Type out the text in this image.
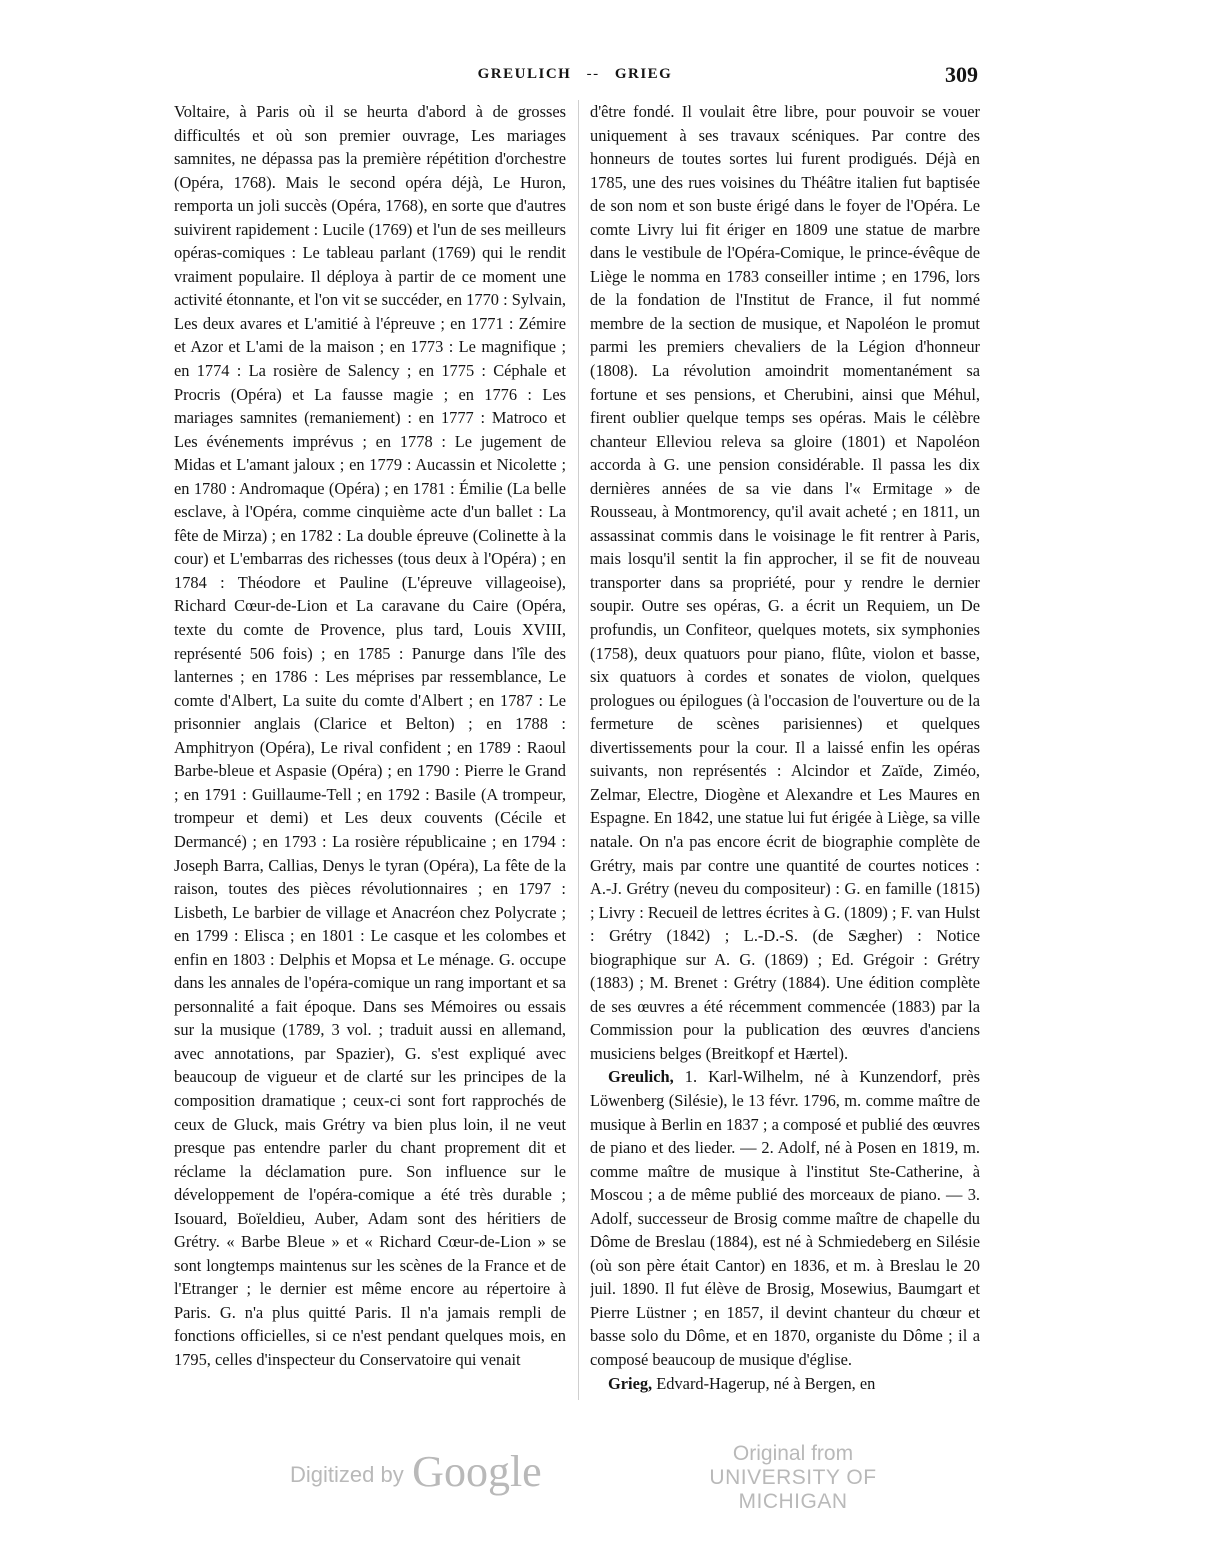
GREULICH -- GRIEG	309

Voltaire, à Paris où il se heurta d'abord à de grosses difficultés et où son premier ouvrage, Les mariages samnites, ne dépassa pas la première répétition d'orchestre (Opéra, 1768). Mais le second opéra déjà, Le Huron, remporta un joli succès (Opéra, 1768), en sorte que d'autres suivirent rapidement : Lucile (1769) et l'un de ses meilleurs opéras-comiques : Le tableau parlant (1769) qui le rendit vraiment populaire. Il déploya à partir de ce moment une activité étonnante, et l'on vit se succéder, en 1770 : Sylvain, Les deux avares et L'amitié à l'épreuve ; en 1771 : Zémire et Azor et L'ami de la maison ; en 1773 : Le magnifique ; en 1774 : La rosière de Salency ; en 1775 : Céphale et Procris (Opéra) et La fausse magie ; en 1776 : Les mariages samnites (remaniement) : en 1777 : Matroco et Les événements imprévus ; en 1778 : Le jugement de Midas et L'amant jaloux ; en 1779 : Aucassin et Nicolette ; en 1780 : Andromaque (Opéra) ; en 1781 : Émilie (La belle esclave, à l'Opéra, comme cinquième acte d'un ballet : La fête de Mirza) ; en 1782 : La double épreuve (Colinette à la cour) et L'embarras des richesses (tous deux à l'Opéra) ; en 1784 : Théodore et Pauline (L'épreuve villageoise), Richard Cœur-de-Lion et La caravane du Caire (Opéra, texte du comte de Provence, plus tard, Louis XVIII, représenté 506 fois) ; en 1785 : Panurge dans l'île des lanternes ; en 1786 : Les méprises par ressemblance, Le comte d'Albert, La suite du comte d'Albert ; en 1787 : Le prisonnier anglais (Clarice et Belton) ; en 1788 : Amphitryon (Opéra), Le rival confident ; en 1789 : Raoul Barbe-bleue et Aspasie (Opéra) ; en 1790 : Pierre le Grand ; en 1791 : Guillaume-Tell ; en 1792 : Basile (A trompeur, trompeur et demi) et Les deux couvents (Cécile et Dermancé) ; en 1793 : La rosière républicaine ; en 1794 : Joseph Barra, Callias, Denys le tyran (Opéra), La fête de la raison, toutes des pièces révolutionnaires ; en 1797 : Lisbeth, Le barbier de village et Anacréon chez Polycrate ; en 1799 : Elisca ; en 1801 : Le casque et les colombes et enfin en 1803 : Delphis et Mopsa et Le ménage. G. occupe dans les annales de l'opéra-comique un rang important et sa personnalité a fait époque. Dans ses Mémoires ou essais sur la musique (1789, 3 vol. ; traduit aussi en allemand, avec annotations, par Spazier), G. s'est expliqué avec beaucoup de vigueur et de clarté sur les principes de la composition dramatique ; ceux-ci sont fort rapprochés de ceux de Gluck, mais Grétry va bien plus loin, il ne veut presque pas entendre parler du chant proprement dit et réclame la déclamation pure. Son influence sur le développement de l'opéra-comique a été très durable ; Isouard, Boïeldieu, Auber, Adam sont des héritiers de Grétry. « Barbe Bleue » et « Richard Cœur-de-Lion » se sont longtemps maintenus sur les scènes de la France et de l'Etranger ; le dernier est même encore au répertoire à Paris. G. n'a plus quitté Paris. Il n'a jamais rempli de fonctions officielles, si ce n'est pendant quelques mois, en 1795, celles d'inspecteur du Conservatoire qui venait

d'être fondé. Il voulait être libre, pour pouvoir se vouer uniquement à ses travaux scéniques. Par contre des honneurs de toutes sortes lui furent prodigués. Déjà en 1785, une des rues voisines du Théâtre italien fut baptisée de son nom et son buste érigé dans le foyer de l'Opéra. Le comte Livry lui fit ériger en 1809 une statue de marbre dans le vestibule de l'Opéra-Comique, le prince-évêque de Liège le nomma en 1783 conseiller intime ; en 1796, lors de la fondation de l'Institut de France, il fut nommé membre de la section de musique, et Napoléon le promut parmi les premiers chevaliers de la Légion d'honneur (1808). La révolution amoindrit momentanément sa fortune et ses pensions, et Cherubini, ainsi que Méhul, firent oublier quelque temps ses opéras. Mais le célèbre chanteur Elleviou releva sa gloire (1801) et Napoléon accorda à G. une pension considérable. Il passa les dix dernières années de sa vie dans l'« Ermitage » de Rousseau, à Montmorency, qu'il avait acheté ; en 1811, un assassinat commis dans le voisinage le fit rentrer à Paris, mais losqu'il sentit la fin approcher, il se fit de nouveau transporter dans sa propriété, pour y rendre le dernier soupir. Outre ses opéras, G. a écrit un Requiem, un De profundis, un Confiteor, quelques motets, six symphonies (1758), deux quatuors pour piano, flûte, violon et basse, six quatuors à cordes et sonates de violon, quelques prologues ou épilogues (à l'occasion de l'ouverture ou de la fermeture de scènes parisiennes) et quelques divertissements pour la cour. Il a laissé enfin les opéras suivants, non représentés : Alcindor et Zaïde, Ziméo, Zelmar, Electre, Diogène et Alexandre et Les Maures en Espagne. En 1842, une statue lui fut érigée à Liège, sa ville natale. On n'a pas encore écrit de biographie complète de Grétry, mais par contre une quantité de courtes notices : A.-J. Grétry (neveu du compositeur) : G. en famille (1815) ; Livry : Recueil de lettres écrites à G. (1809) ; F. van Hulst : Grétry (1842) ; L.-D.-S. (de Sægher) : Notice biographique sur A. G. (1869) ; Ed. Grégoir : Grétry (1883) ; M. Brenet : Grétry (1884). Une édition complète de ses œuvres a été récemment commencée (1883) par la Commission pour la publication des œuvres d'anciens musiciens belges (Breitkopf et Hærtel).

Greulich, 1. Karl-Wilhelm, né à Kunzendorf, près Löwenberg (Silésie), le 13 févr. 1796, m. comme maître de musique à Berlin en 1837 ; a composé et publié des œuvres de piano et des lieder. — 2. Adolf, né à Posen en 1819, m. comme maître de musique à l'institut Ste-Catherine, à Moscou ; a de même publié des morceaux de piano. — 3. Adolf, successeur de Brosig comme maître de chapelle du Dôme de Breslau (1884), est né à Schmiedeberg en Silésie (où son père était Cantor) en 1836, et m. à Breslau le 20 juil. 1890. Il fut élève de Brosig, Mosewius, Baumgart et Pierre Lüstner ; en 1857, il devint chanteur du chœur et basse solo du Dôme, et en 1870, organiste du Dôme ; il a composé beaucoup de musique d'église.

Grieg, Edvard-Hagerup, né à Bergen, en

Digitized by Google	Original from
UNIVERSITY OF MICHIGAN
